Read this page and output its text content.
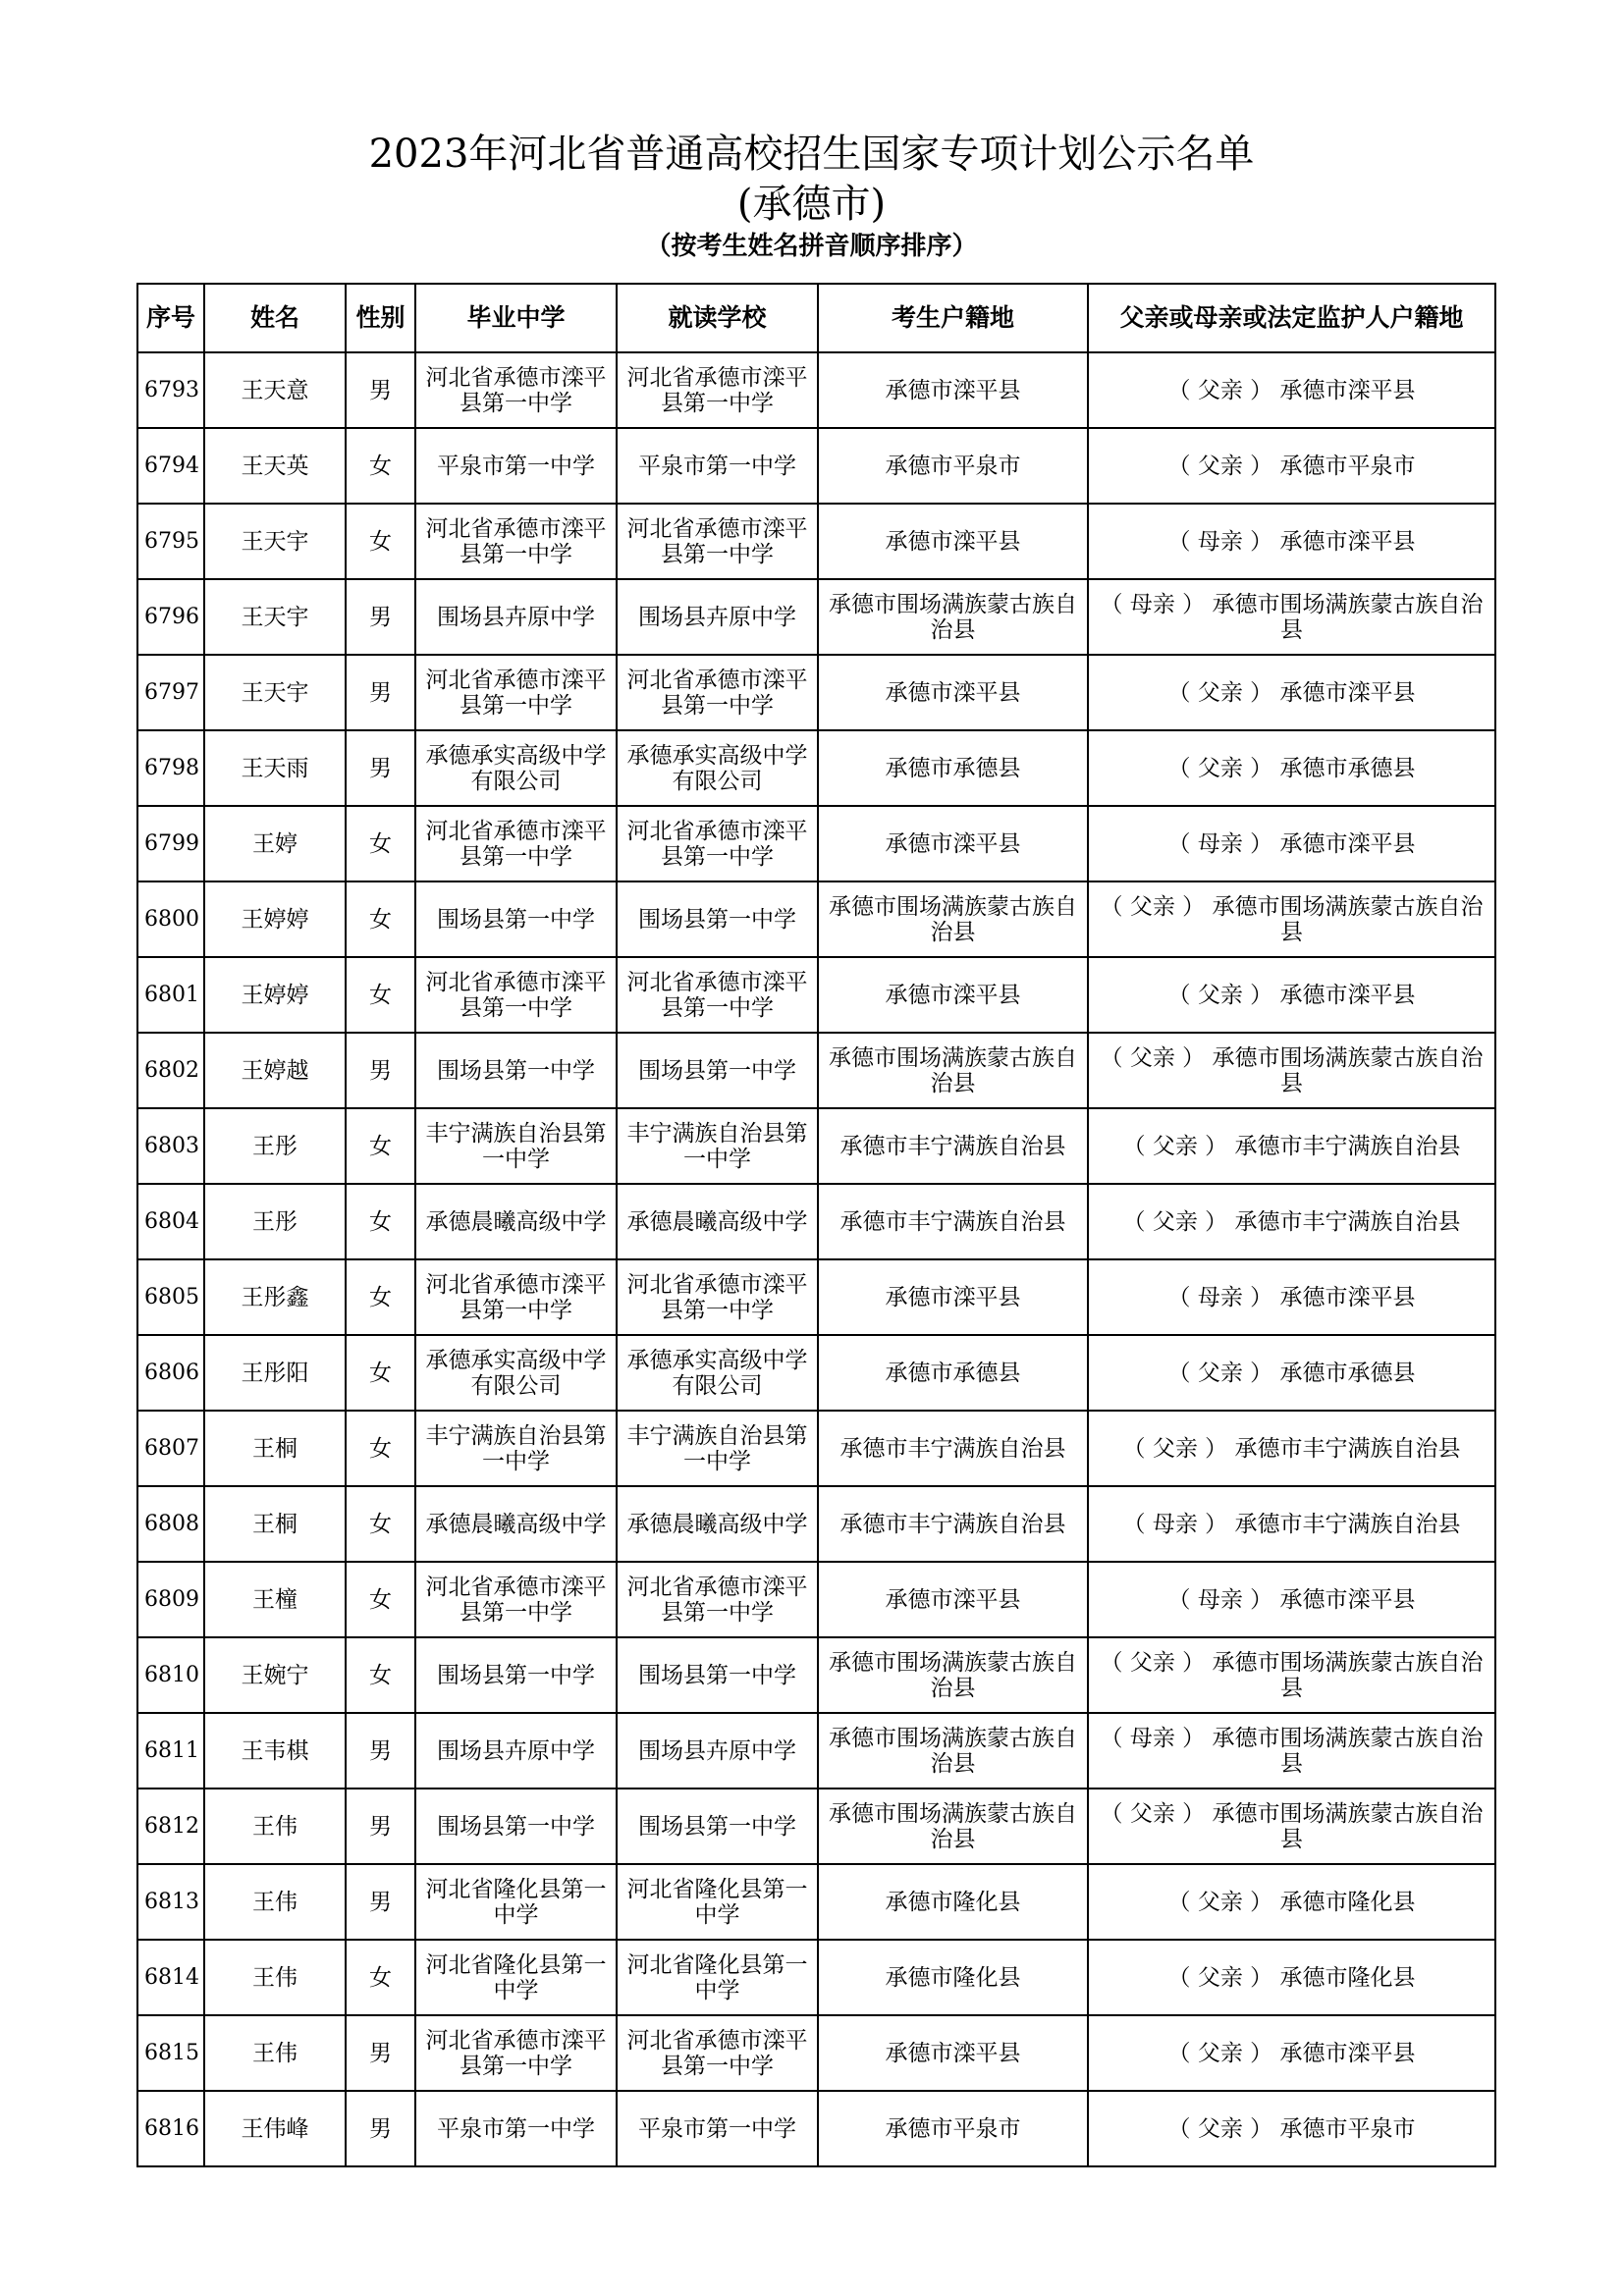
2023年河北省普通高校招生国家专项计划公示名单
(承德市)
（按考生姓名拼音顺序排序）
序号	姓名	性别	毕业中学	就读学校	考生户籍地	父亲或母亲或法定监护人户籍地
6793	王天意	男	河北省承德市滦平县第一中学	河北省承德市滦平县第一中学	承德市滦平县	（ 父亲 ） 承德市滦平县
6794	王天英	女	平泉市第一中学	平泉市第一中学	承德市平泉市	（ 父亲 ） 承德市平泉市
6795	王天宇	女	河北省承德市滦平县第一中学	河北省承德市滦平县第一中学	承德市滦平县	（ 母亲 ） 承德市滦平县
6796	王天宇	男	围场县卉原中学	围场县卉原中学	承德市围场满族蒙古族自治县	（ 母亲 ） 承德市围场满族蒙古族自治县
6797	王天宇	男	河北省承德市滦平县第一中学	河北省承德市滦平县第一中学	承德市滦平县	（ 父亲 ） 承德市滦平县
6798	王天雨	男	承德承实高级中学有限公司	承德承实高级中学有限公司	承德市承德县	（ 父亲 ） 承德市承德县
6799	王婷	女	河北省承德市滦平县第一中学	河北省承德市滦平县第一中学	承德市滦平县	（ 母亲 ） 承德市滦平县
6800	王婷婷	女	围场县第一中学	围场县第一中学	承德市围场满族蒙古族自治县	（ 父亲 ） 承德市围场满族蒙古族自治县
6801	王婷婷	女	河北省承德市滦平县第一中学	河北省承德市滦平县第一中学	承德市滦平县	（ 父亲 ） 承德市滦平县
6802	王婷越	男	围场县第一中学	围场县第一中学	承德市围场满族蒙古族自治县	（ 父亲 ） 承德市围场满族蒙古族自治县
6803	王彤	女	丰宁满族自治县第一中学	丰宁满族自治县第一中学	承德市丰宁满族自治县	（ 父亲 ） 承德市丰宁满族自治县
6804	王彤	女	承德晨曦高级中学	承德晨曦高级中学	承德市丰宁满族自治县	（ 父亲 ） 承德市丰宁满族自治县
6805	王彤鑫	女	河北省承德市滦平县第一中学	河北省承德市滦平县第一中学	承德市滦平县	（ 母亲 ） 承德市滦平县
6806	王彤阳	女	承德承实高级中学有限公司	承德承实高级中学有限公司	承德市承德县	（ 父亲 ） 承德市承德县
6807	王桐	女	丰宁满族自治县第一中学	丰宁满族自治县第一中学	承德市丰宁满族自治县	（ 父亲 ） 承德市丰宁满族自治县
6808	王桐	女	承德晨曦高级中学	承德晨曦高级中学	承德市丰宁满族自治县	（ 母亲 ） 承德市丰宁满族自治县
6809	王橦	女	河北省承德市滦平县第一中学	河北省承德市滦平县第一中学	承德市滦平县	（ 母亲 ） 承德市滦平县
6810	王婉宁	女	围场县第一中学	围场县第一中学	承德市围场满族蒙古族自治县	（ 父亲 ） 承德市围场满族蒙古族自治县
6811	王韦棋	男	围场县卉原中学	围场县卉原中学	承德市围场满族蒙古族自治县	（ 母亲 ） 承德市围场满族蒙古族自治县
6812	王伟	男	围场县第一中学	围场县第一中学	承德市围场满族蒙古族自治县	（ 父亲 ） 承德市围场满族蒙古族自治县
6813	王伟	男	河北省隆化县第一中学	河北省隆化县第一中学	承德市隆化县	（ 父亲 ） 承德市隆化县
6814	王伟	女	河北省隆化县第一中学	河北省隆化县第一中学	承德市隆化县	（ 父亲 ） 承德市隆化县
6815	王伟	男	河北省承德市滦平县第一中学	河北省承德市滦平县第一中学	承德市滦平县	（ 父亲 ） 承德市滦平县
6816	王伟峰	男	平泉市第一中学	平泉市第一中学	承德市平泉市	（ 父亲 ） 承德市平泉市
